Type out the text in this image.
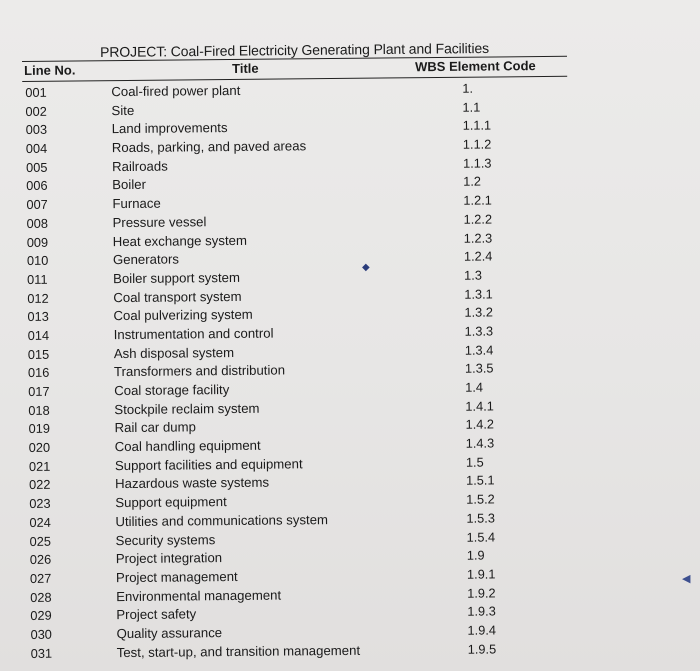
PROJECT: Coal-Fired Electricity Generating Plant and Facilities
Line No.	Title	WBS Element Code
001	Coal-fired power plant	1.
002	Site	1.1
003	Land improvements	1.1.1
004	Roads, parking, and paved areas	1.1.2
005	Railroads	1.1.3
006	Boiler	1.2
007	Furnace	1.2.1
008	Pressure vessel	1.2.2
009	Heat exchange system	1.2.3
010	Generators	1.2.4
011	Boiler support system	1.3
012	Coal transport system	1.3.1
013	Coal pulverizing system	1.3.2
014	Instrumentation and control	1.3.3
015	Ash disposal system	1.3.4
016	Transformers and distribution	1.3.5
017	Coal storage facility	1.4
018	Stockpile reclaim system	1.4.1
019	Rail car dump	1.4.2
020	Coal handling equipment	1.4.3
021	Support facilities and equipment	1.5
022	Hazardous waste systems	1.5.1
023	Support equipment	1.5.2
024	Utilities and communications system	1.5.3
025	Security systems	1.5.4
026	Project integration	1.9
027	Project management	1.9.1
028	Environmental management	1.9.2
029	Project safety	1.9.3
030	Quality assurance	1.9.4
031	Test, start-up, and transition management	1.9.5
◆
◀
